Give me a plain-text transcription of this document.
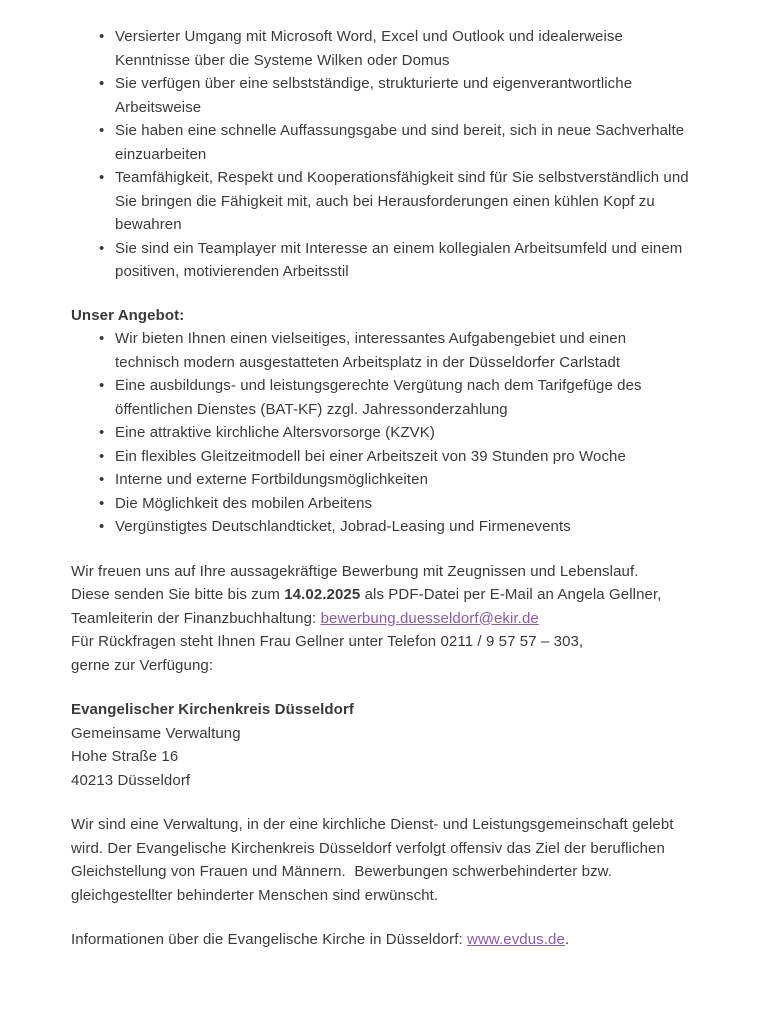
• Versierter Umgang mit Microsoft Word, Excel und Outlook und idealerweise Kenntnisse über die Systeme Wilken oder Domus
• Sie verfügen über eine selbstständige, strukturierte und eigenverantwortliche Arbeitsweise
• Sie haben eine schnelle Auffassungsgabe und sind bereit, sich in neue Sachverhalte einzuarbeiten
• Teamfähigkeit, Respekt und Kooperationsfähigkeit sind für Sie selbstverständlich und Sie bringen die Fähigkeit mit, auch bei Herausforderungen einen kühlen Kopf zu bewahren
• Sie sind ein Teamplayer mit Interesse an einem kollegialen Arbeitsumfeld und einem positiven, motivierenden Arbeitsstil

Unser Angebot:

• Wir bieten Ihnen einen vielseitiges, interessantes Aufgabengebiet und einen technisch modern ausgestatteten Arbeitsplatz in der Düsseldorfer Carlstadt
• Eine ausbildungs- und leistungsgerechte Vergütung nach dem Tarifgefüge des öffentlichen Dienstes (BAT-KF) zzgl. Jahressonderzahlung
• Eine attraktive kirchliche Altersvorsorge (KZVK)
• Ein flexibles Gleitzeitmodell bei einer Arbeitszeit von 39 Stunden pro Woche
• Interne und externe Fortbildungsmöglichkeiten
• Die Möglichkeit des mobilen Arbeitens
• Vergünstigtes Deutschlandticket, Jobrad-Leasing und Firmenevents
Wir freuen uns auf Ihre aussagekräftige Bewerbung mit Zeugnissen und Lebenslauf.
Diese senden Sie bitte bis zum 14.02.2025 als PDF-Datei per E-Mail an Angela Gellner,
Teamleiterin der Finanzbuchhaltung: bewerbung.duesseldorf@ekir.de
Für Rückfragen steht Ihnen Frau Gellner unter Telefon 0211 / 9 57 57 – 303,
gerne zur Verfügung:
Evangelischer Kirchenkreis Düsseldorf
Gemeinsame Verwaltung
Hohe Straße 16
40213 Düsseldorf

Wir sind eine Verwaltung, in der eine kirchliche Dienst- und Leistungsgemeinschaft gelebt wird. Der Evangelische Kirchenkreis Düsseldorf verfolgt offensiv das Ziel der beruflichen Gleichstellung von Frauen und Männern.  Bewerbungen schwerbehinderter bzw. gleichgestellter behinderter Menschen sind erwünscht.

Informationen über die Evangelische Kirche in Düsseldorf: www.evdus.de.
